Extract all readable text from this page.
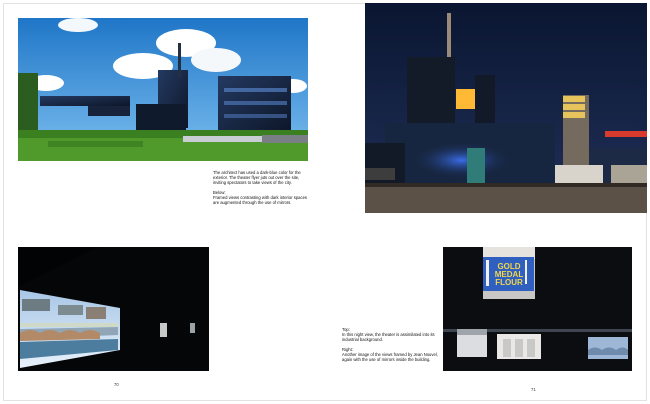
The architect has used a dark-blue color for the exterior. The theater flyer juts out over the site, inviting spectators to take views of the city.

Below:
Framed views contrasting with dark interior spaces are augmented through the use of mirrors.

70
GOLD
MEDAL
FLOUR

Top:
In this night view, the theater is assimilated into its industrial background.

Right:
Another image of the views framed by Jean Nouvel, again with the use of mirrors inside the building.

71
